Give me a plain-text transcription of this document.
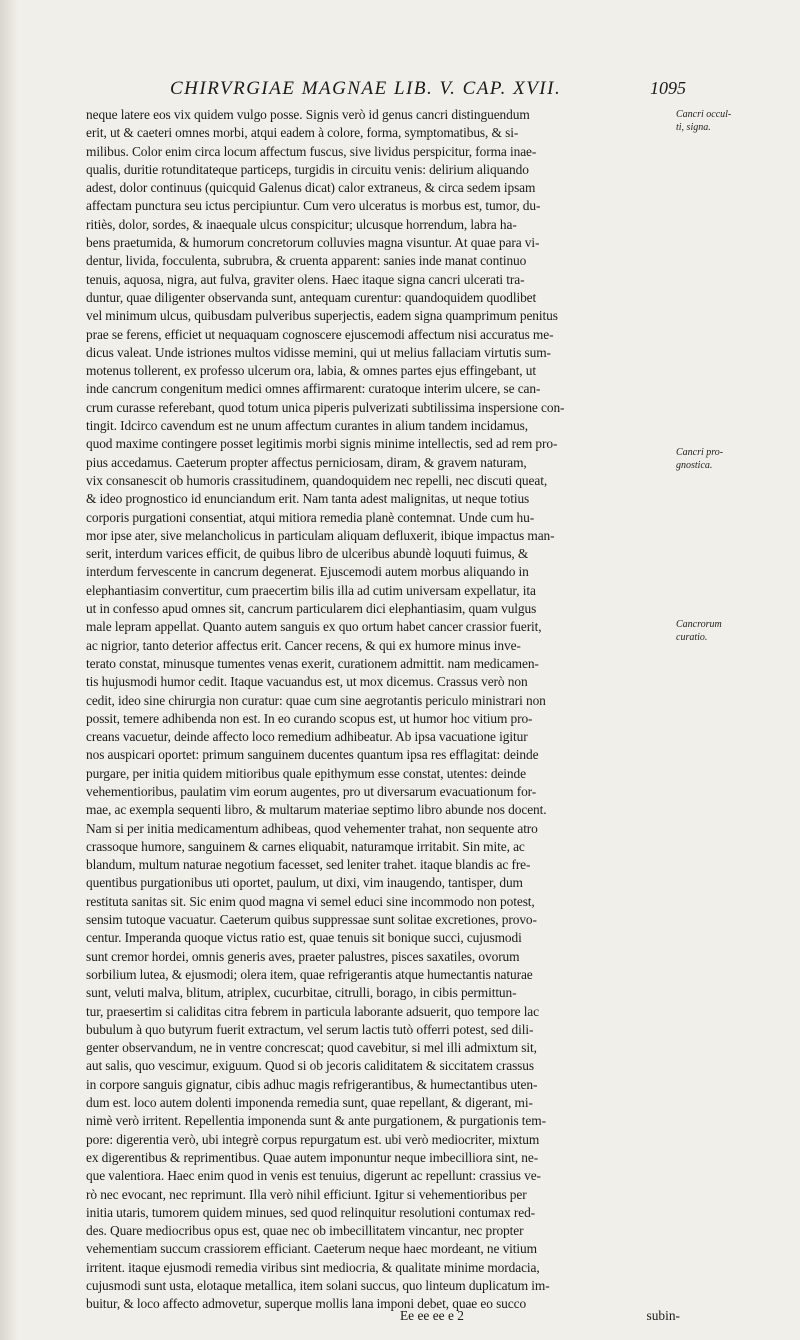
CHIRVRGIAE MAGNAE LIB. V. CAP. XVII.	1095
neque latere eos vix quidem vulgo posse. Signis verò id genus cancri distinguendum
erit, ut & caeteri omnes morbi, atqui eadem à colore, forma, symptomatibus, & si-
milibus. Color enim circa locum affectum fuscus, sive lividus perspicitur, forma inae-
qualis, duritie rotunditateque particeps, turgidis in circuitu venis: delirium aliquando
adest, dolor continuus (quicquid Galenus dicat) calor extraneus, & circa sedem ipsam
affectam punctura seu ictus percipiuntur. Cum vero ulceratus is morbus est, tumor, du-
ritiès, dolor, sordes, & inaequale ulcus conspicitur; ulcusque horrendum, labra ha-
bens praetumida, & humorum concretorum colluvies magna visuntur. At quae para vi-
dentur, livida, focculenta, subrubra, & cruenta apparent: sanies inde manat continuo
tenuis, aquosa, nigra, aut fulva, graviter olens. Haec itaque signa cancri ulcerati tra-
duntur, quae diligenter observanda sunt, antequam curentur: quandoquidem quodlibet
vel minimum ulcus, quibusdam pulveribus superjectis, eadem signa quamprimum penitus
prae se ferens, efficiet ut nequaquam cognoscere ejuscemodi affectum nisi accuratus me-
dicus valeat. Unde istriones multos vidisse memini, qui ut melius fallaciam virtutis sum-
motenus tollerent, ex professo ulcerum ora, labia, & omnes partes ejus effingebant, ut
inde cancrum congenitum medici omnes affirmarent: curatoque interim ulcere, se can-
crum curasse referebant, quod totum unica piperis pulverizati subtilissima inspersione con-
tingit. Idcirco cavendum est ne unum affectum curantes in alium tandem incidamus,
quod maxime contingere posset legitimis morbi signis minime intellectis, sed ad rem pro-
pius accedamus. Caeterum propter affectus perniciosam, diram, & gravem naturam,
vix consanescit ob humoris crassitudinem, quandoquidem nec repelli, nec discuti queat,
& ideo prognostico id enunciandum erit. Nam tanta adest malignitas, ut neque totius
corporis purgationi consentiat, atqui mitiora remedia planè contemnat. Unde cum hu-
mor ipse ater, sive melancholicus in particulam aliquam defluxerit, ibique impactus man-
serit, interdum varices efficit, de quibus libro de ulceribus abundè loquuti fuimus, &
interdum fervescente in cancrum degenerat. Ejuscemodi autem morbus aliquando in
elephantiasim convertitur, cum praecertim bilis illa ad cutim universam expellatur, ita
ut in confesso apud omnes sit, cancrum particularem dici elephantiasim, quam vulgus
male lepram appellat. Quanto autem sanguis ex quo ortum habet cancer crassior fuerit,
ac nigrior, tanto deterior affectus erit. Cancer recens, & qui ex humore minus inve-
terato constat, minusque tumentes venas exerit, curationem admittit. nam medicamen-
tis hujusmodi humor cedit. Itaque vacuandus est, ut mox dicemus. Crassus verò non
cedit, ideo sine chirurgia non curatur: quae cum sine aegrotantis periculo ministrari non
possit, temere adhibenda non est. In eo curando scopus est, ut humor hoc vitium pro-
creans vacuetur, deinde affecto loco remedium adhibeatur. Ab ipsa vacuatione igitur
nos auspicari oportet: primum sanguinem ducentes quantum ipsa res efflagitat: deinde
purgare, per initia quidem mitioribus quale epithymum esse constat, utentes: deinde
vehementioribus, paulatim vim eorum augentes, pro ut diversarum evacuationum for-
mae, ac exempla sequenti libro, & multarum materiae septimo libro abunde nos docent.
Nam si per initia medicamentum adhibeas, quod vehementer trahat, non sequente atro
crassoque humore, sanguinem & carnes eliquabit, naturamque irritabit. Sin mite, ac
blandum, multum naturae negotium facesset, sed leniter trahet. itaque blandis ac fre-
quentibus purgationibus uti oportet, paulum, ut dixi, vim inaugendo, tantisper, dum
restituta sanitas sit. Sic enim quod magna vi semel educi sine incommodo non potest,
sensim tutoque vacuatur. Caeterum quibus suppressae sunt solitae excretiones, provo-
centur. Imperanda quoque victus ratio est, quae tenuis sit bonique succi, cujusmodi
sunt cremor hordei, omnis generis aves, praeter palustres, pisces saxatiles, ovorum
sorbilium lutea, & ejusmodi; olera item, quae refrigerantis atque humectantis naturae
sunt, veluti malva, blitum, atriplex, cucurbitae, citrulli, borago, in cibis permittun-
tur, praesertim si caliditas citra febrem in particula laborante adsuerit, quo tempore lac
bubulum à quo butyrum fuerit extractum, vel serum lactis tutò offerri potest, sed dili-
genter observandum, ne in ventre concrescat; quod cavebitur, si mel illi admixtum sit,
aut salis, quo vescimur, exiguum. Quod si ob jecoris caliditatem & siccitatem crassus
in corpore sanguis gignatur, cibis adhuc magis refrigerantibus, & humectantibus uten-
dum est. loco autem dolenti imponenda remedia sunt, quae repellant, & digerant, mi-
nimè verò irritent. Repellentia imponenda sunt & ante purgationem, & purgationis tem-
pore: digerentia verò, ubi integrè corpus repurgatum est. ubi verò mediocriter, mixtum
ex digerentibus & reprimentibus. Quae autem imponuntur neque imbecilliora sint, ne-
que valentiora. Haec enim quod in venis est tenuius, digerunt ac repellunt: crassius ve-
rò nec evocant, nec reprimunt. Illa verò nihil efficiunt. Igitur si vehementioribus per
initia utaris, tumorem quidem minues, sed quod relinquitur resolutioni contumax red-
des. Quare mediocribus opus est, quae nec ob imbecillitatem vincantur, nec propter
vehementiam succum crassiorem efficiant. Caeterum neque haec mordeant, ne vitium
irritent. itaque ejusmodi remedia viribus sint mediocria, & qualitate minime mordacia,
cujusmodi sunt usta, elotaque metallica, item solani succus, quo linteum duplicatum im-
buitur, & loco affecto admovetur, superque mollis lana imponi debet, quae eo succo
Cancri occul-
ti, signa.
Cancri pro-
gnostica.
Cancrorum
curatio.
Ee ee ee e 2	subin-
